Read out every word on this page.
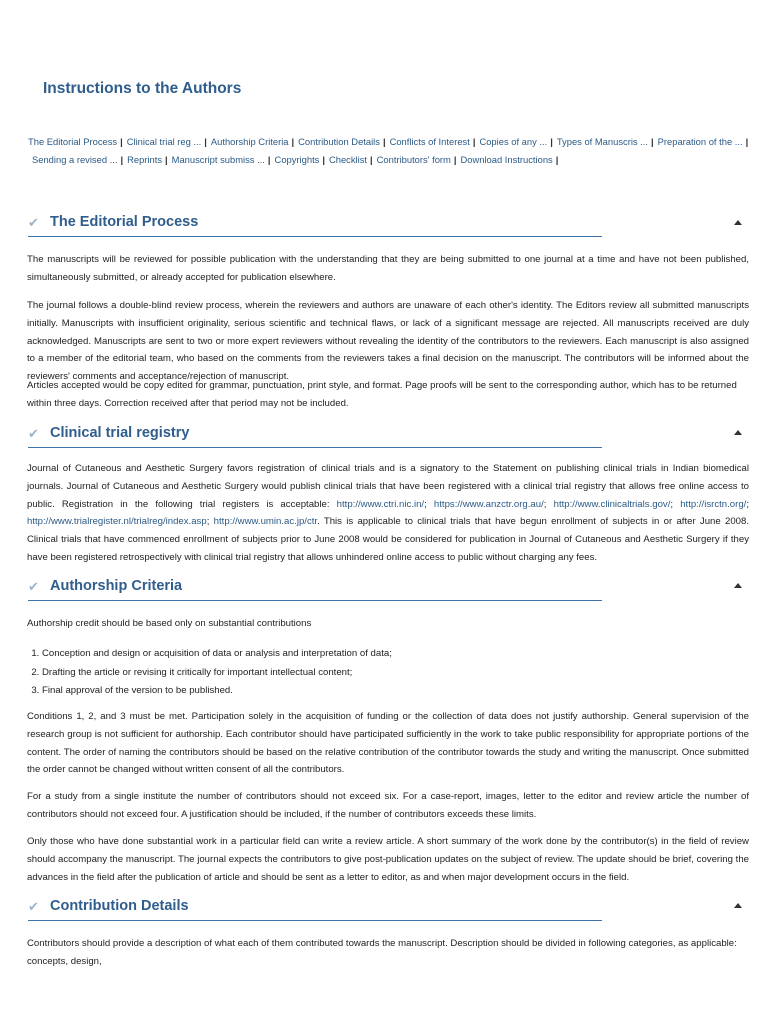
Instructions to the Authors
The Editorial Process | Clinical trial reg ... | Authorship Criteria | Contribution Details | Conflicts of Interest | Copies of any ... | Types of Manuscris ... | Preparation of the ... |
Sending a revised ... | Reprints | Manuscript submiss ... | Copyrights | Checklist | Contributors' form | Download Instructions |
✔ The Editorial Process
The manuscripts will be reviewed for possible publication with the understanding that they are being submitted to one journal at a time and have not been published, simultaneously submitted, or already accepted for publication elsewhere.
The journal follows a double-blind review process, wherein the reviewers and authors are unaware of each other's identity. The Editors review all submitted manuscripts initially. Manuscripts with insufficient originality, serious scientific and technical flaws, or lack of a significant message are rejected. All manuscripts received are duly acknowledged. Manuscripts are sent to two or more expert reviewers without revealing the identity of the contributors to the reviewers. Each manuscript is also assigned to a member of the editorial team, who based on the comments from the reviewers takes a final decision on the manuscript. The contributors will be informed about the reviewers' comments and acceptance/rejection of manuscript.
Articles accepted would be copy edited for grammar, punctuation, print style, and format. Page proofs will be sent to the corresponding author, which has to be returned within three days. Correction received after that period may not be included.
✔ Clinical trial registry
Journal of Cutaneous and Aesthetic Surgery favors registration of clinical trials and is a signatory to the Statement on publishing clinical trials in Indian biomedical journals. Journal of Cutaneous and Aesthetic Surgery would publish clinical trials that have been registered with a clinical trial registry that allows free online access to public. Registration in the following trial registers is acceptable: http://www.ctri.nic.in/; https://www.anzctr.org.au/; http://www.clinicaltrials.gov/; http://isrctn.org/; http://www.trialregister.nl/trialreg/index.asp; http://www.umin.ac.jp/ctr. This is applicable to clinical trials that have begun enrollment of subjects in or after June 2008. Clinical trials that have commenced enrollment of subjects prior to June 2008 would be considered for publication in Journal of Cutaneous and Aesthetic Surgery if they have been registered retrospectively with clinical trial registry that allows unhindered online access to public without charging any fees.
✔ Authorship Criteria
Authorship credit should be based only on substantial contributions
1. Conception and design or acquisition of data or analysis and interpretation of data;
2. Drafting the article or revising it critically for important intellectual content;
3. Final approval of the version to be published.
Conditions 1, 2, and 3 must be met. Participation solely in the acquisition of funding or the collection of data does not justify authorship. General supervision of the research group is not sufficient for authorship. Each contributor should have participated sufficiently in the work to take public responsibility for appropriate portions of the content. The order of naming the contributors should be based on the relative contribution of the contributor towards the study and writing the manuscript. Once submitted the order cannot be changed without written consent of all the contributors.
For a study from a single institute the number of contributors should not exceed six. For a case-report, images, letter to the editor and review article the number of contributors should not exceed four. A justification should be included, if the number of contributors exceeds these limits.
Only those who have done substantial work in a particular field can write a review article. A short summary of the work done by the contributor(s) in the field of review should accompany the manuscript. The journal expects the contributors to give post-publication updates on the subject of review. The update should be brief, covering the advances in the field after the publication of article and should be sent as a letter to editor, as and when major development occurs in the field.
✔ Contribution Details
Contributors should provide a description of what each of them contributed towards the manuscript. Description should be divided in following categories, as applicable: concepts, design,
